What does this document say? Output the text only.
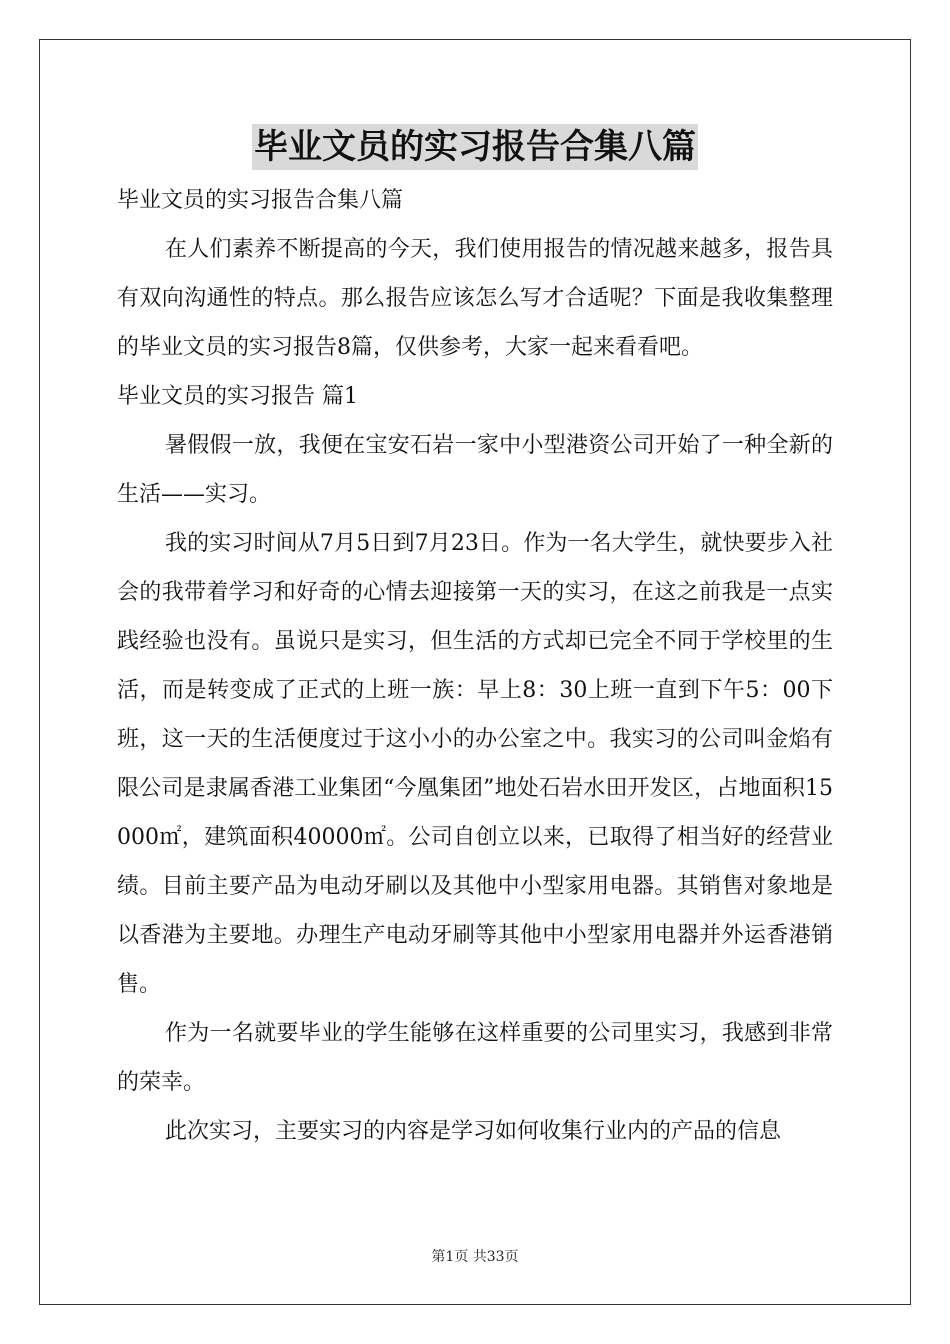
毕业文员的实习报告合集八篇

毕业文员的实习报告合集八篇

在人们素养不断提高的今天，我们使用报告的情况越来越多，报告具有双向沟通性的特点。那么报告应该怎么写才合适呢？下面是我收集整理的毕业文员的实习报告8篇，仅供参考，大家一起来看看吧。

毕业文员的实习报告 篇1

暑假假一放，我便在宝安石岩一家中小型港资公司开始了一种全新的生活——实习。

我的实习时间从7月5日到7月23日。作为一名大学生，就快要步入社会的我带着学习和好奇的心情去迎接第一天的实习，在这之前我是一点实践经验也没有。虽说只是实习，但生活的方式却已完全不同于学校里的生活，而是转变成了正式的上班一族：早上8：30上班一直到下午5：00下班，这一天的生活便度过于这小小的办公室之中。我实习的公司叫金焰有限公司是隶属香港工业集团“今凰集团”地处石岩水田开发区，占地面积15000㎡，建筑面积40000㎡。公司自创立以来，已取得了相当好的经营业绩。目前主要产品为电动牙刷以及其他中小型家用电器。其销售对象地是以香港为主要地。办理生产电动牙刷等其他中小型家用电器并外运香港销售。

作为一名就要毕业的学生能够在这样重要的公司里实习，我感到非常的荣幸。

此次实习，主要实习的内容是学习如何收集行业内的产品的信息

第1页 共33页
